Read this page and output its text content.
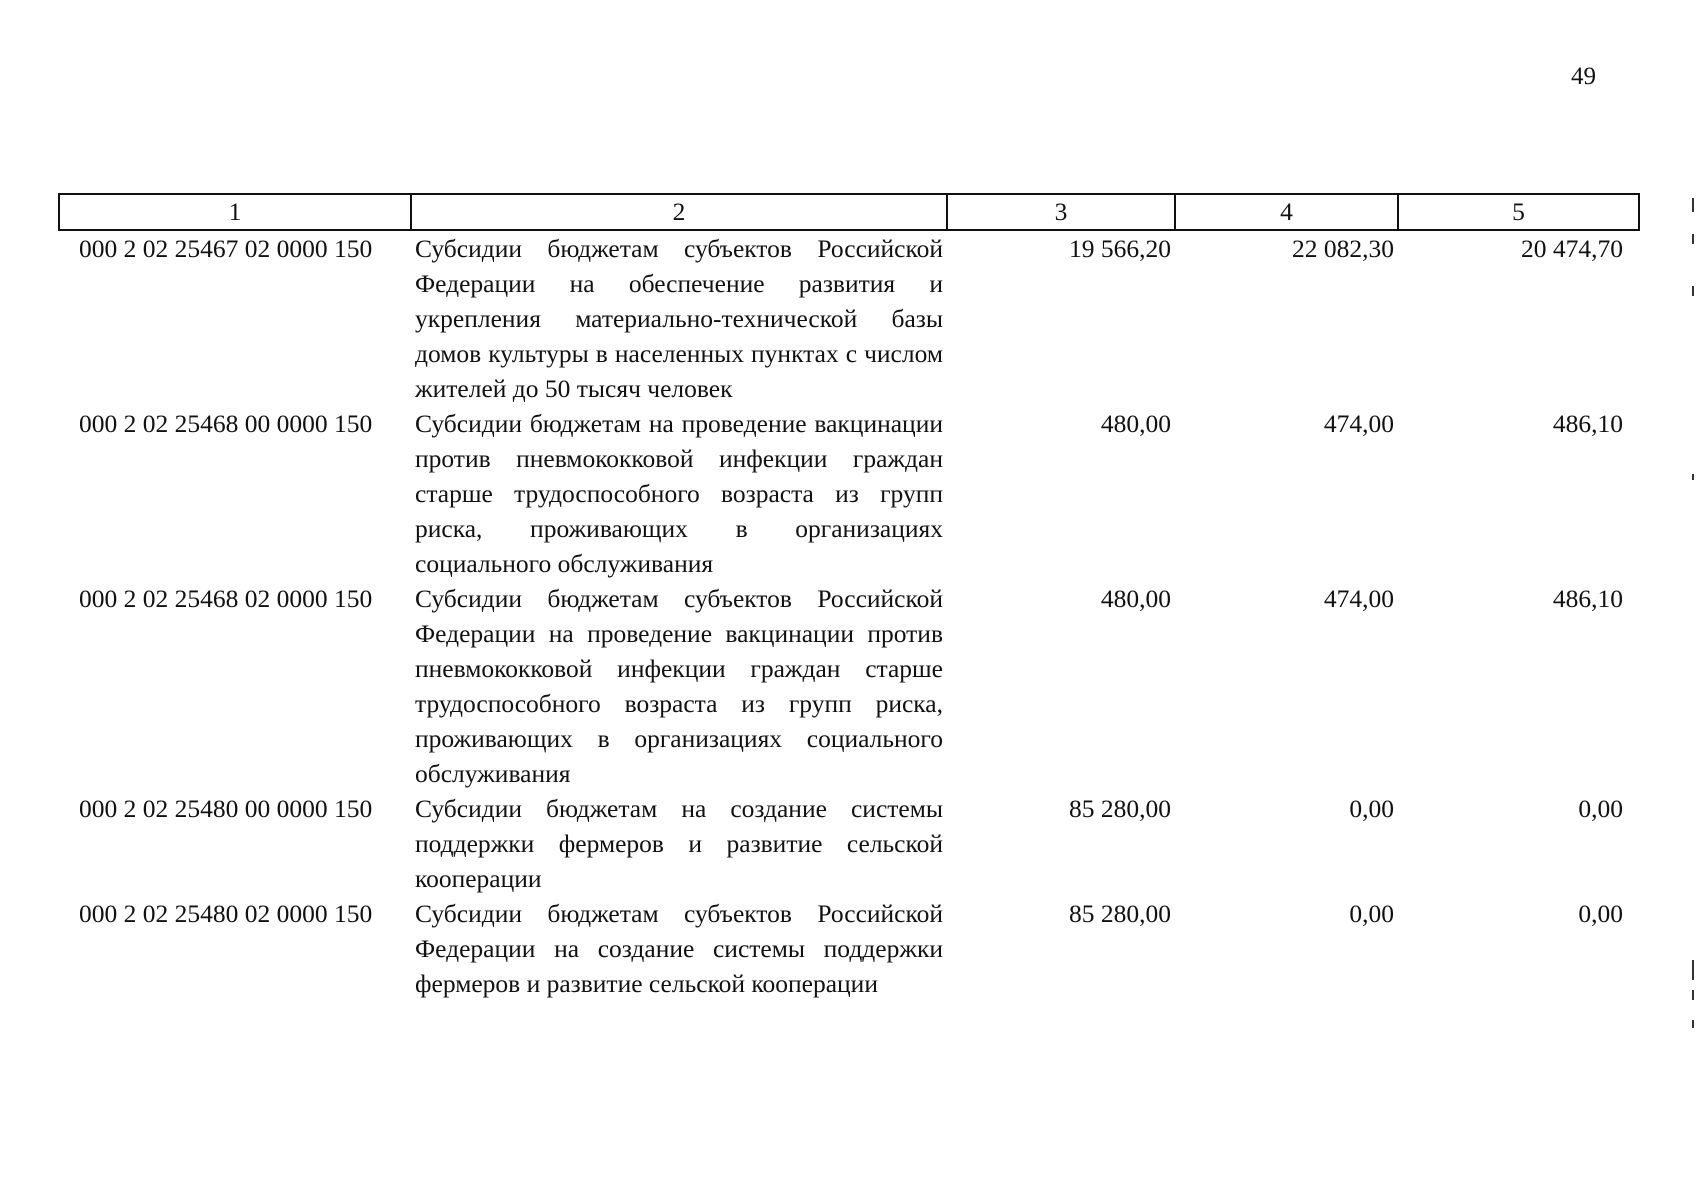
49
1	2	3	4	5
000 2 02 25467 02 0000 150	Субсидии бюджетам субъектов Российской Федерации на обеспечение развития и укрепления материально-технической базы домов культуры в населенных пунктах с числом жителей до 50 тысяч человек	19 566,20	22 082,30	20 474,70
000 2 02 25468 00 0000 150	Субсидии бюджетам на проведение вакцинации против пневмококковой инфекции граждан старше трудоспособного возраста из групп риска, проживающих в организациях социального обслуживания	480,00	474,00	486,10
000 2 02 25468 02 0000 150	Субсидии бюджетам субъектов Российской Федерации на проведение вакцинации против пневмококковой инфекции граждан старше трудоспособного возраста из групп риска, проживающих в организациях социального обслуживания	480,00	474,00	486,10
000 2 02 25480 00 0000 150	Субсидии бюджетам на создание системы поддержки фермеров и развитие сельской кооперации	85 280,00	0,00	0,00
000 2 02 25480 02 0000 150	Субсидии бюджетам субъектов Российской Федерации на создание системы поддержки фермеров и развитие сельской кооперации	85 280,00	0,00	0,00
